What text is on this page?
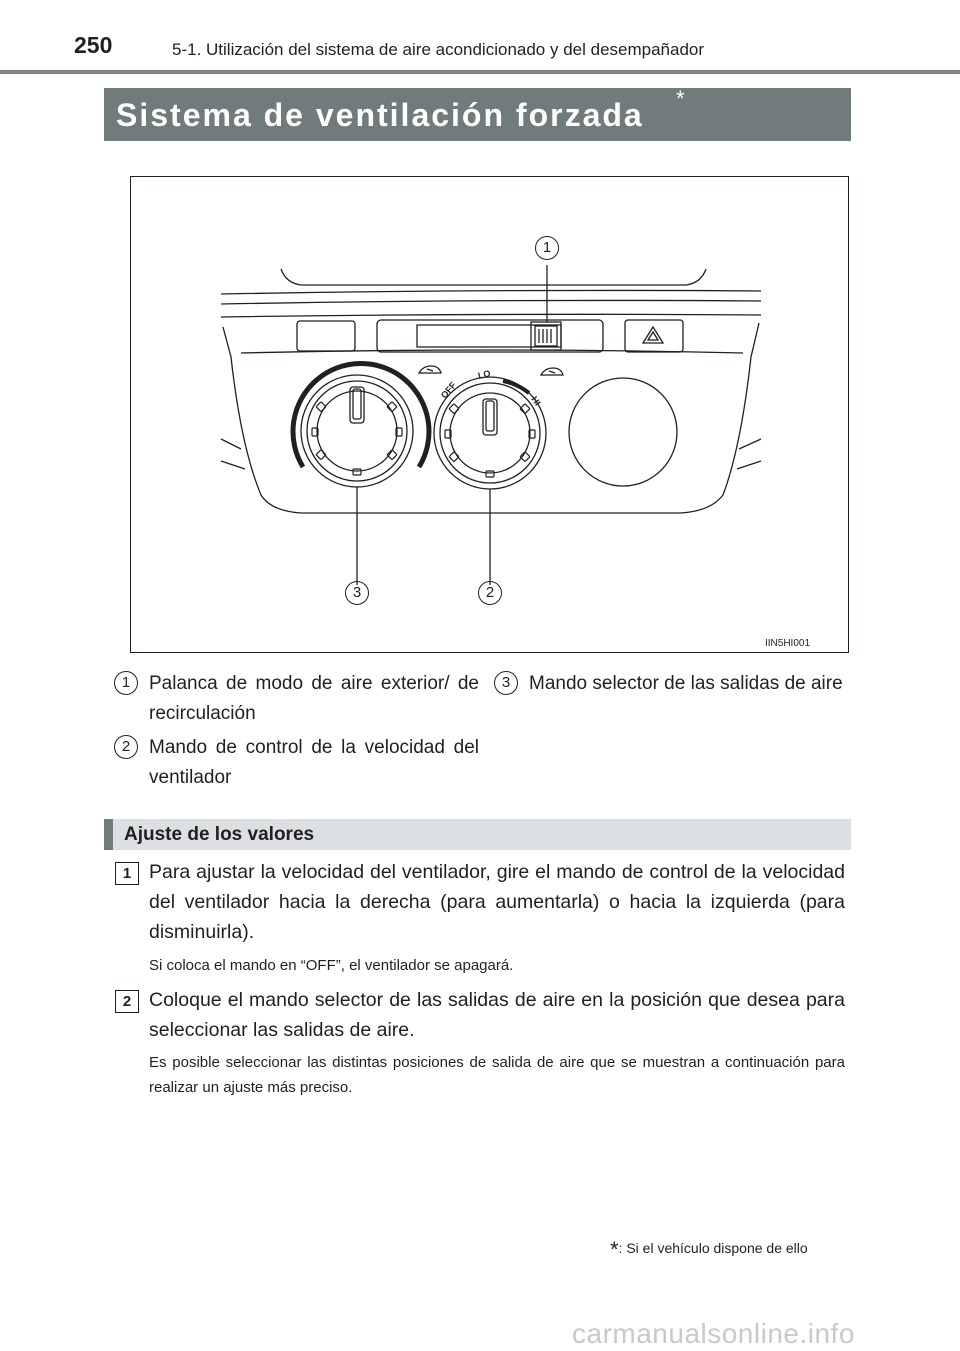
250	5-1. Utilización del sistema de aire acondicionado y del desempañador
Sistema de ventilación forzada *
OFF
LO
HI
1
2
3
IIN5HI001
1 Palanca de modo de aire exterior/ de recirculación
2 Mando de control de la velocidad del ventilador
3 Mando selector de las salidas de aire
Ajuste de los valores
1 Para ajustar la velocidad del ventilador, gire el mando de control de la velocidad del ventilador hacia la derecha (para aumentarla) o hacia la izquierda (para disminuirla).
Si coloca el mando en “OFF”, el ventilador se apagará.
2 Coloque el mando selector de las salidas de aire en la posición que desea para seleccionar las salidas de aire.
Es posible seleccionar las distintas posiciones de salida de aire que se muestran a continuación para realizar un ajuste más preciso.
*: Si el vehículo dispone de ello
carmanualsonline.info
